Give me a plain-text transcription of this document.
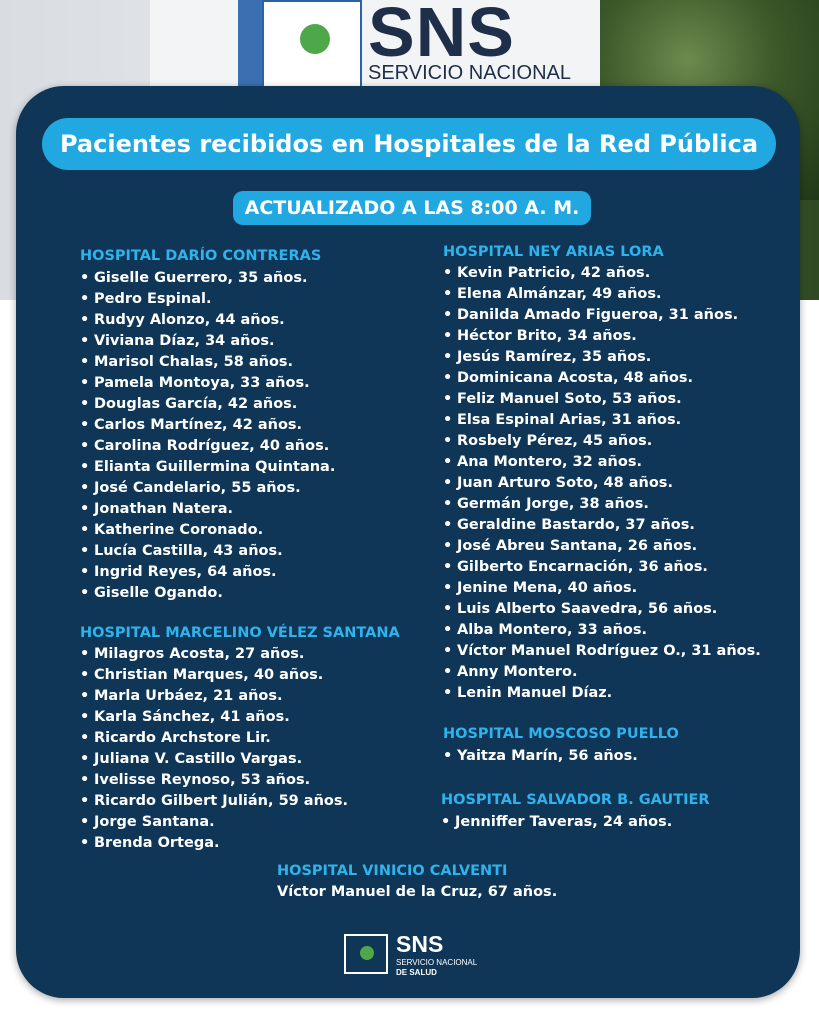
SNS
SERVICIO NACIONAL
Pacientes recibidos en Hospitales de la Red Pública
ACTUALIZADO A LAS 8:00 A. M.
HOSPITAL DARÍO CONTRERAS
• Giselle Guerrero, 35 años.
• Pedro Espinal.
• Rudyy Alonzo, 44 años.
• Viviana Díaz, 34 años.
• Marisol Chalas, 58 años.
• Pamela Montoya, 33 años.
• Douglas García, 42 años.
• Carlos Martínez, 42 años.
• Carolina Rodríguez, 40 años.
• Elianta Guillermina Quintana.
• José Candelario, 55 años.
• Jonathan Natera.
• Katherine Coronado.
• Lucía Castilla, 43 años.
• Ingrid Reyes, 64 años.
• Giselle Ogando.
HOSPITAL MARCELINO VÉLEZ SANTANA
• Milagros Acosta, 27 años.
• Christian Marques, 40 años.
• Marla Urbáez, 21 años.
• Karla Sánchez, 41 años.
• Ricardo Archstore Lir.
• Juliana V. Castillo Vargas.
• Ivelisse Reynoso, 53 años.
• Ricardo Gilbert Julián, 59 años.
• Jorge Santana.
• Brenda Ortega.
HOSPITAL NEY ARIAS LORA
• Kevin Patricio, 42 años.
• Elena Almánzar, 49 años.
• Danilda Amado Figueroa, 31 años.
• Héctor Brito, 34 años.
• Jesús Ramírez, 35 años.
• Dominicana Acosta, 48 años.
• Feliz Manuel Soto, 53 años.
• Elsa Espinal Arias, 31 años.
• Rosbely Pérez, 45 años.
• Ana Montero, 32 años.
• Juan Arturo Soto, 48 años.
• Germán Jorge, 38 años.
• Geraldine Bastardo, 37 años.
• José Abreu Santana, 26 años.
• Gilberto Encarnación, 36 años.
• Jenine Mena, 40 años.
• Luis Alberto Saavedra, 56 años.
• Alba Montero, 33 años.
• Víctor Manuel Rodríguez O., 31 años.
• Anny Montero.
• Lenin Manuel Díaz.
HOSPITAL MOSCOSO PUELLO
• Yaitza Marín, 56 años.
HOSPITAL SALVADOR B. GAUTIER
• Jenniffer Taveras, 24 años.
HOSPITAL VINICIO CALVENTI
Víctor Manuel de la Cruz, 67 años.
SNS
SERVICIO NACIONAL
DE SALUD
